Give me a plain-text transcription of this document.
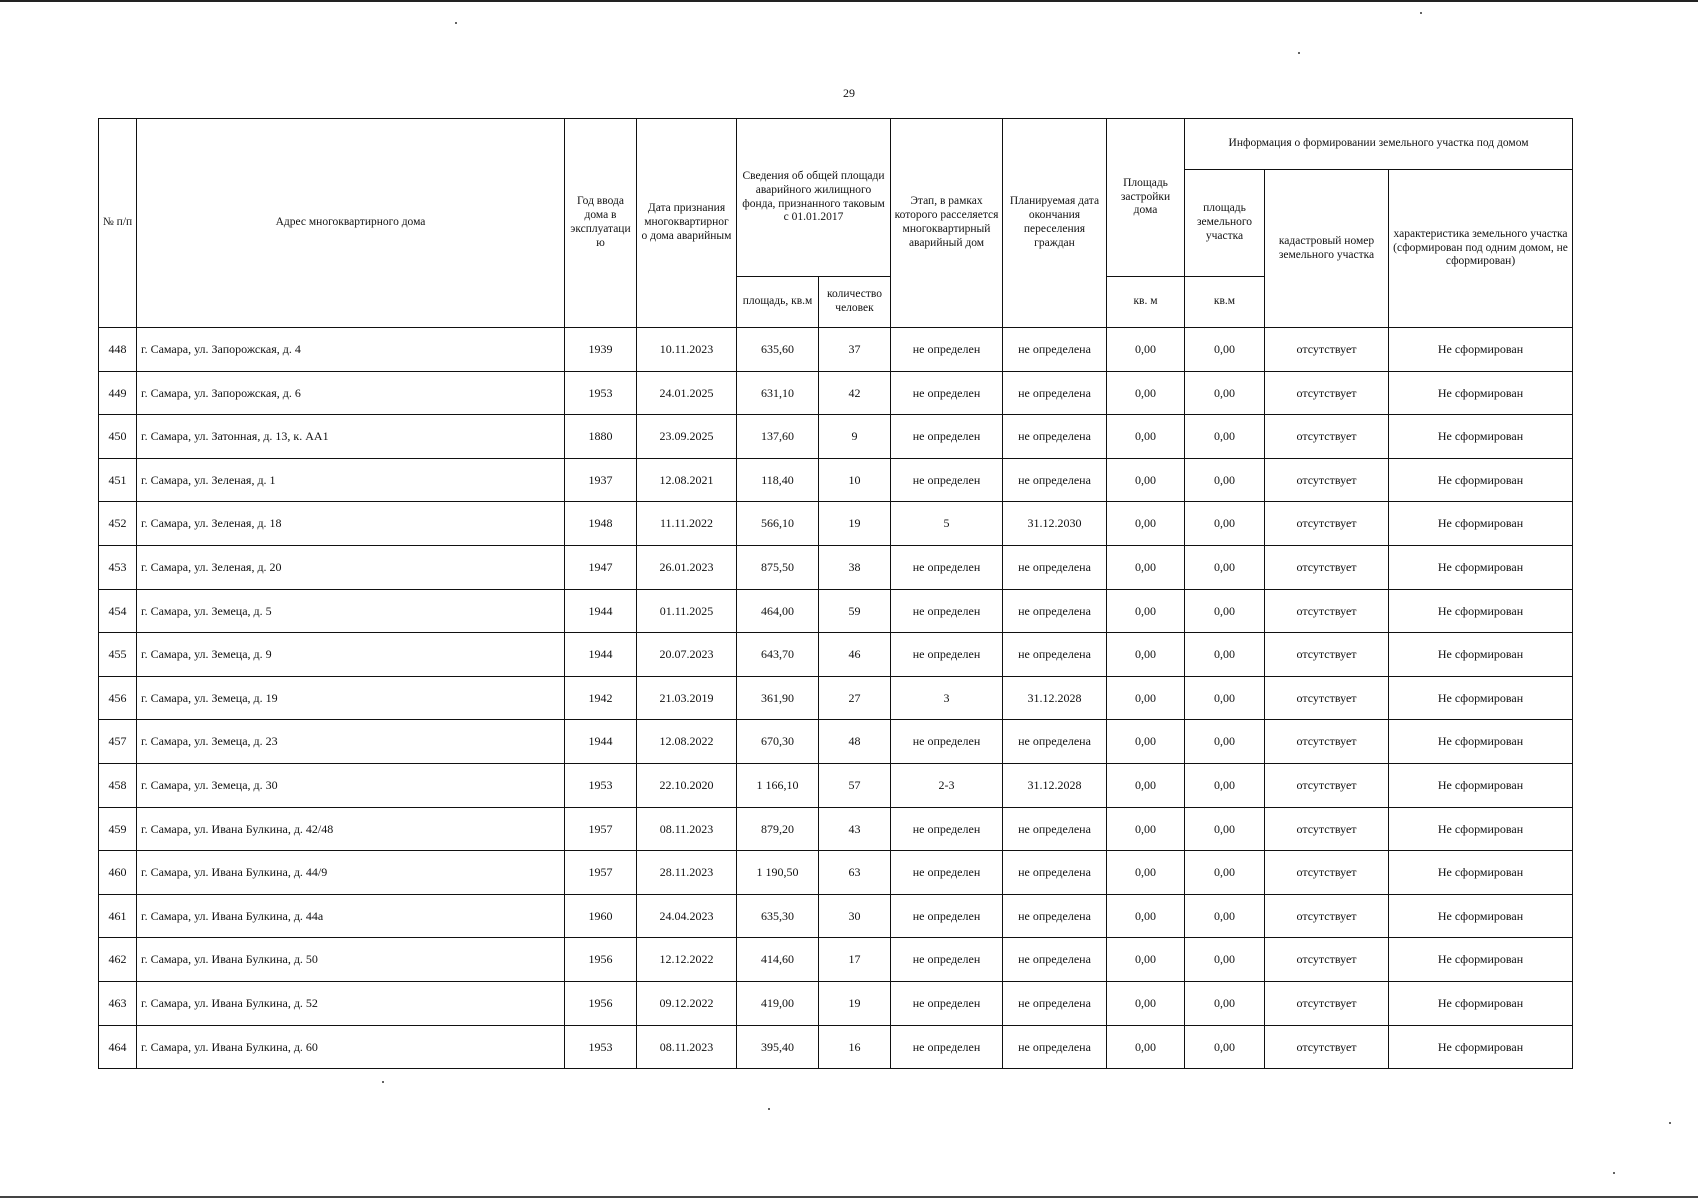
29
№ п/п	Адрес многоквартирного дома	Год ввода дома в эксплуатаци ю	Дата признания многоквартирног о дома аварийным	Сведения об общей площади аварийного жилищного фонда, признанного таковым с 01.01.2017		Этап, в рамках которого расселяется многоквартирный аварийный дом	Планируемая дата окончания переселения граждан	Площадь застройки дома	Информация о формировании земельного участка под домом		
									площадь земельного участка	кадастровый номер земельного участка	характеристика земельного участка (сформирован под одним домом, не сформирован)
				площадь, кв.м	количество человек			кв. м	кв.м		
448	г. Самара, ул. Запорожская, д. 4	1939	10.11.2023	635,60	37	не определен	не определена	0,00	0,00	отсутствует	Не сформирован
449	г. Самара, ул. Запорожская, д. 6	1953	24.01.2025	631,10	42	не определен	не определена	0,00	0,00	отсутствует	Не сформирован
450	г. Самара, ул. Затонная, д. 13, к. АА1	1880	23.09.2025	137,60	9	не определен	не определена	0,00	0,00	отсутствует	Не сформирован
451	г. Самара, ул. Зеленая, д. 1	1937	12.08.2021	118,40	10	не определен	не определена	0,00	0,00	отсутствует	Не сформирован
452	г. Самара, ул. Зеленая, д. 18	1948	11.11.2022	566,10	19	5	31.12.2030	0,00	0,00	отсутствует	Не сформирован
453	г. Самара, ул. Зеленая, д. 20	1947	26.01.2023	875,50	38	не определен	не определена	0,00	0,00	отсутствует	Не сформирован
454	г. Самара, ул. Земеца, д. 5	1944	01.11.2025	464,00	59	не определен	не определена	0,00	0,00	отсутствует	Не сформирован
455	г. Самара, ул. Земеца, д. 9	1944	20.07.2023	643,70	46	не определен	не определена	0,00	0,00	отсутствует	Не сформирован
456	г. Самара, ул. Земеца, д. 19	1942	21.03.2019	361,90	27	3	31.12.2028	0,00	0,00	отсутствует	Не сформирован
457	г. Самара, ул. Земеца, д. 23	1944	12.08.2022	670,30	48	не определен	не определена	0,00	0,00	отсутствует	Не сформирован
458	г. Самара, ул. Земеца, д. 30	1953	22.10.2020	1 166,10	57	2-3	31.12.2028	0,00	0,00	отсутствует	Не сформирован
459	г. Самара, ул. Ивана Булкина, д. 42/48	1957	08.11.2023	879,20	43	не определен	не определена	0,00	0,00	отсутствует	Не сформирован
460	г. Самара, ул. Ивана Булкина, д. 44/9	1957	28.11.2023	1 190,50	63	не определен	не определена	0,00	0,00	отсутствует	Не сформирован
461	г. Самара, ул. Ивана Булкина, д. 44а	1960	24.04.2023	635,30	30	не определен	не определена	0,00	0,00	отсутствует	Не сформирован
462	г. Самара, ул. Ивана Булкина, д. 50	1956	12.12.2022	414,60	17	не определен	не определена	0,00	0,00	отсутствует	Не сформирован
463	г. Самара, ул. Ивана Булкина, д. 52	1956	09.12.2022	419,00	19	не определен	не определена	0,00	0,00	отсутствует	Не сформирован
464	г. Самара, ул. Ивана Булкина, д. 60	1953	08.11.2023	395,40	16	не определен	не определена	0,00	0,00	отсутствует	Не сформирован
